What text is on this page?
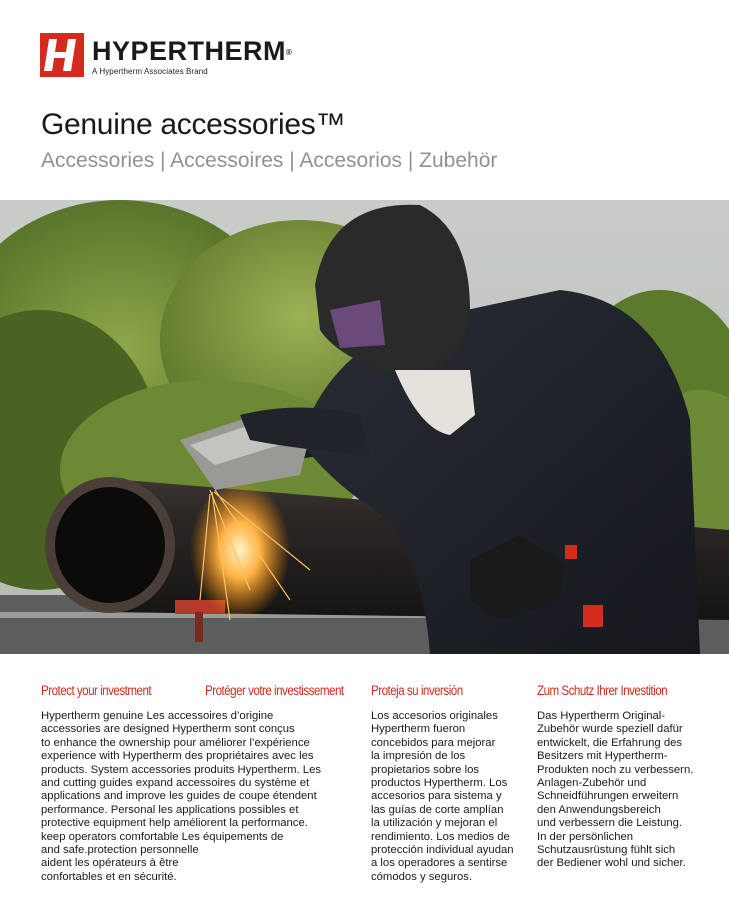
HYPERTHERM®
A Hypertherm Associates Brand
Genuine accessories™
Accessories | Accessoires | Accesorios | Zubehör
Protect your investment

Hypertherm genuine Les accessoires d’origine
accessories are designed Hypertherm sont conçus
to enhance the ownership pour améliorer l’expérience
experience with Hypertherm des propriétaires avec les
products. System accessories produits Hypertherm. Les
and cutting guides expand accessoires du système et
applications and improve les guides de coupe étendent
performance. Personal les applications possibles et
protective equipment help améliorent la performance.
keep operators comfortable Les équipements de
and safe.protection personnelle
aident les opérateurs à être
confortables et en sécurité.

Protéger votre investissement Proteja su inversión

Los accesorios originales
Hypertherm fueron
concebidos para mejorar
la impresión de los
propietarios sobre los
productos Hypertherm. Los
accesorios para sistema y
las guías de corte amplían
la utilización y mejoran el
rendimiento. Los medios de
protección individual ayudan
a los operadores a sentirse
cómodos y seguros.

Zum Schutz Ihrer Investition

Das Hypertherm Original-
Zubehör wurde speziell dafür
entwickelt, die Erfahrung des
Besitzers mit Hypertherm-
Produkten noch zu verbessern.
Anlagen-Zubehör und
Schneidführungen erweitern
den Anwendungsbereich
und verbessern die Leistung.
In der persönlichen
Schutzausrüstung fühlt sich
der Bediener wohl und sicher.
